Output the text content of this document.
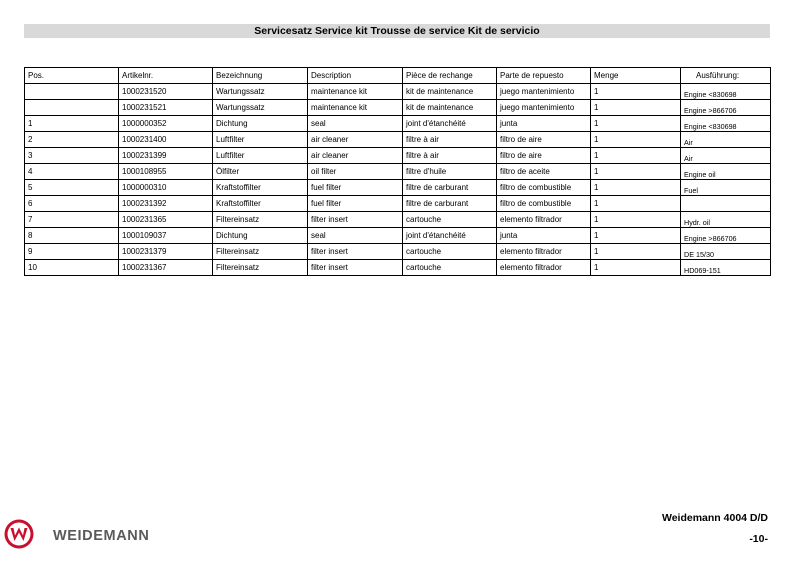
Servicesatz Service kit Trousse de service Kit de servicio
Pos.	Artikelnr.	Bezeichnung	Description	Pièce de rechange	Parte de repuesto	Menge	Ausführung:
	1000231520	Wartungssatz	maintenance kit	kit de maintenance	juego mantenimiento	1	Engine <830698
	1000231521	Wartungssatz	maintenance kit	kit de maintenance	juego mantenimiento	1	Engine >866706
1	1000000352	Dichtung	seal	joint d'étanchéité	junta	1	Engine <830698
2	1000231400	Luftfilter	air cleaner	filtre à air	filtro de aire	1	Air
3	1000231399	Luftfilter	air cleaner	filtre à air	filtro de aire	1	Air
4	1000108955	Ölfilter	oil filter	filtre d'huile	filtro de aceite	1	Engine oil
5	1000000310	Kraftstoffilter	fuel filter	filtre de carburant	filtro de combustible	1	Fuel
6	1000231392	Kraftstoffilter	fuel filter	filtre de carburant	filtro de combustible	1	
7	1000231365	Filtereinsatz	filter insert	cartouche	elemento filtrador	1	Hydr. oil
8	1000109037	Dichtung	seal	joint d'étanchéité	junta	1	Engine >866706
9	1000231379	Filtereinsatz	filter insert	cartouche	elemento filtrador	1	DE 15/30
10	1000231367	Filtereinsatz	filter insert	cartouche	elemento filtrador	1	HD069-151
WEIDEMANN
Weidemann 4004 D/D
-10-
